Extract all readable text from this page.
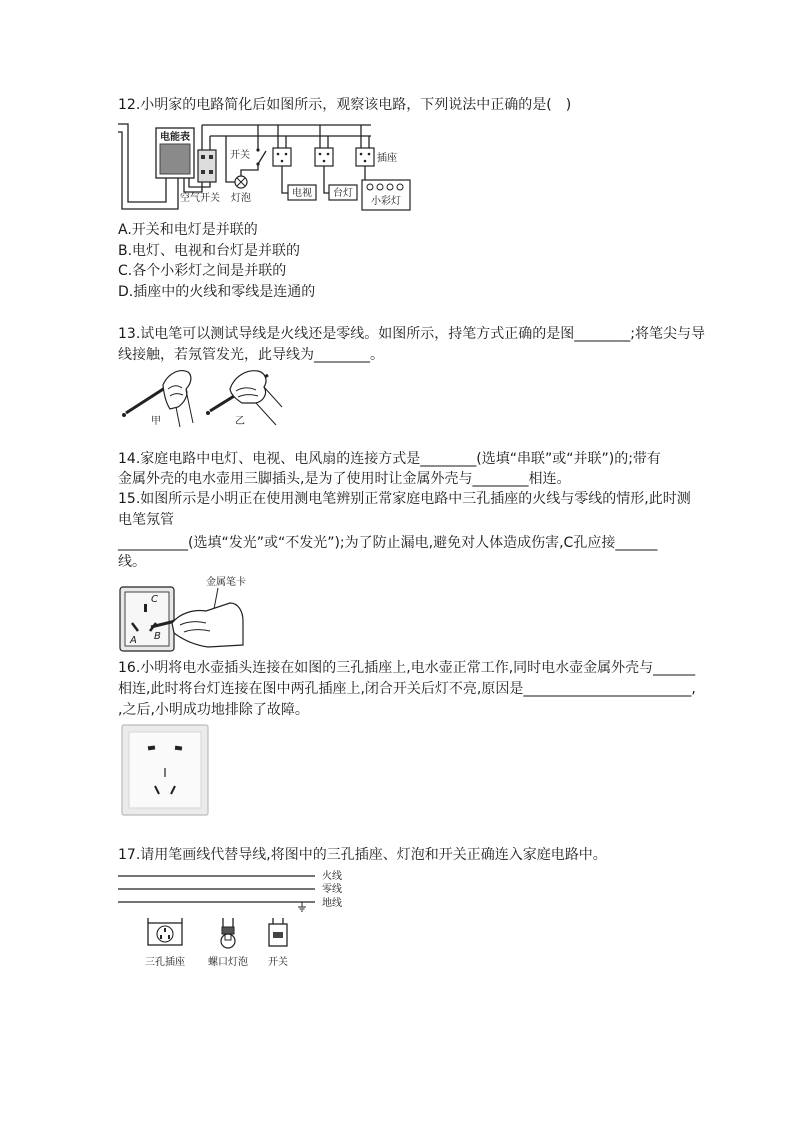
12.小明家的电路简化后如图所示，观察该电路，下列说法中正确的是(　)
电能表
空气开关
开关
灯泡	电视 台灯
插座
小彩灯
A.开关和电灯是并联的
B.电灯、电视和台灯是并联的
C.各个小彩灯之间是并联的
D.插座中的火线和零线是连通的
13.试电笔可以测试导线是火线还是零线。如图所示，持笔方式正确的是图________;将笔尖与导
线接触，若氖管发光，此导线为________。
甲	乙
14.家庭电路中电灯、电视、电风扇的连接方式是________(选填“串联”或“并联”)的;带有
金属外壳的电水壶用三脚插头,是为了使用时让金属外壳与________相连。
15.如图所示是小明正在使用测电笔辨别正常家庭电路中三孔插座的火线与零线的情形,此时测
电笔氖管
__________(选填“发光”或“不发光”);为了防止漏电,避免对人体造成伤害,C孔应接______
线。
C
A B
金属笔卡
16.小明将电水壶插头连接在如图的三孔插座上,电水壶正常工作,同时电水壶金属外壳与______
相连,此时将台灯连接在图中两孔插座上,闭合开关后灯不亮,原因是________________________,
,之后,小明成功地排除了故障。
17.请用笔画线代替导线,将图中的三孔插座、灯泡和开关正确连入家庭电路中。
火线
零线
地线
三孔插座 螺口灯泡 开关
